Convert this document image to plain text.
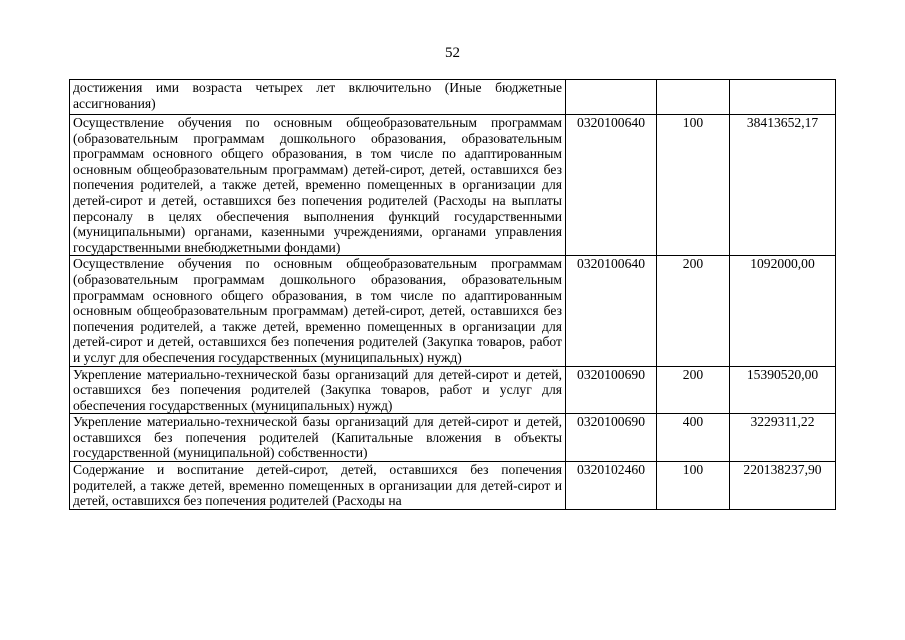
52
достижения ими возраста четырех лет включительно (Иные бюджетные ассигнования)			
Осуществление обучения по основным общеобразовательным программам (образовательным программам дошкольного образования, образовательным программам основного общего образования, в том числе по адаптированным основным общеобразовательным программам) детей-сирот, детей, оставшихся без попечения родителей, а также детей, временно помещенных в организации для детей-сирот и детей, оставшихся без попечения родителей (Расходы на выплаты персоналу в целях обеспечения выполнения функций государственными (муниципальными) органами, казенными учреждениями, органами управления государственными внебюджетными фондами)	0320100640	100	38413652,17
Осуществление обучения по основным общеобразовательным программам (образовательным программам дошкольного образования, образовательным программам основного общего образования, в том числе по адаптированным основным общеобразовательным программам) детей-сирот, детей, оставшихся без попечения родителей, а также детей, временно помещенных в организации для детей-сирот и детей, оставшихся без попечения родителей (Закупка товаров, работ и услуг для обеспечения государственных (муниципальных) нужд)	0320100640	200	1092000,00
Укрепление материально-технической базы организаций для детей-сирот и детей, оставшихся без попечения родителей (Закупка товаров, работ и услуг для обеспечения государственных (муниципальных) нужд)	0320100690	200	15390520,00
Укрепление материально-технической базы организаций для детей-сирот и детей, оставшихся без попечения родителей (Капитальные вложения в объекты государственной (муниципальной) собственности)	0320100690	400	3229311,22
Содержание и воспитание детей-сирот, детей, оставшихся без попечения родителей, а также детей, временно помещенных в организации для детей-сирот и детей, оставшихся без попечения родителей (Расходы на	0320102460	100	220138237,90
